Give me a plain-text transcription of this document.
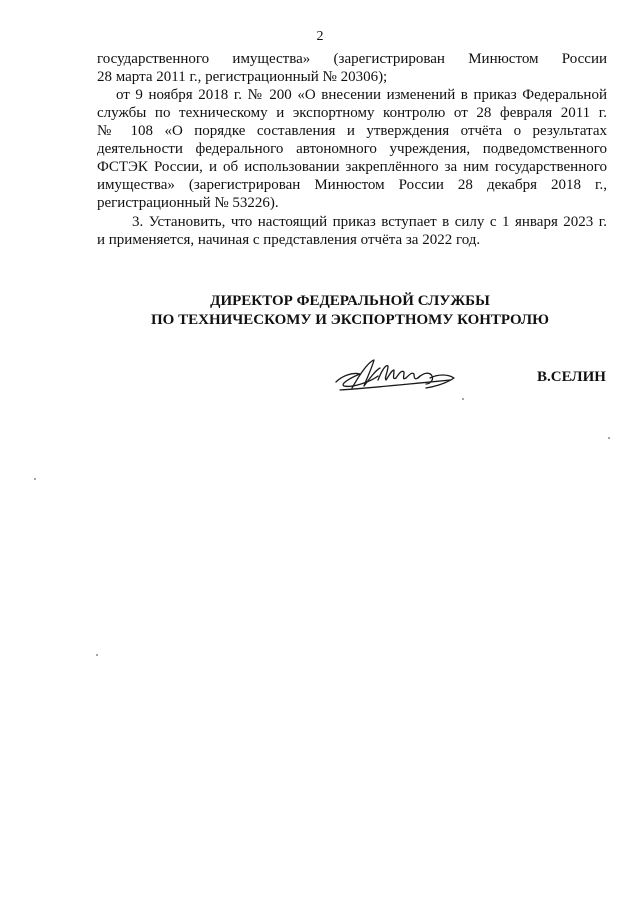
2
государственного имущества» (зарегистрирован Минюстом России
28 марта 2011 г., регистрационный № 20306);
от 9 ноября 2018 г. № 200 «О внесении изменений в приказ Федеральной
службы по техническому и экспортному контролю от 28 февраля 2011 г.
№ 108 «О порядке составления и утверждения отчёта о результатах
деятельности федерального автономного учреждения, подведомственного
ФСТЭК России, и об использовании закреплённого за ним государственного
имущества» (зарегистрирован Минюстом России 28 декабря 2018 г.,
регистрационный № 53226).
3. Установить, что настоящий приказ вступает в силу с 1 января 2023 г.
и применяется, начиная с представления отчёта за 2022 год.
ДИРЕКТОР ФЕДЕРАЛЬНОЙ СЛУЖБЫ
ПО ТЕХНИЧЕСКОМУ И ЭКСПОРТНОМУ КОНТРОЛЮ
В.СЕЛИН
